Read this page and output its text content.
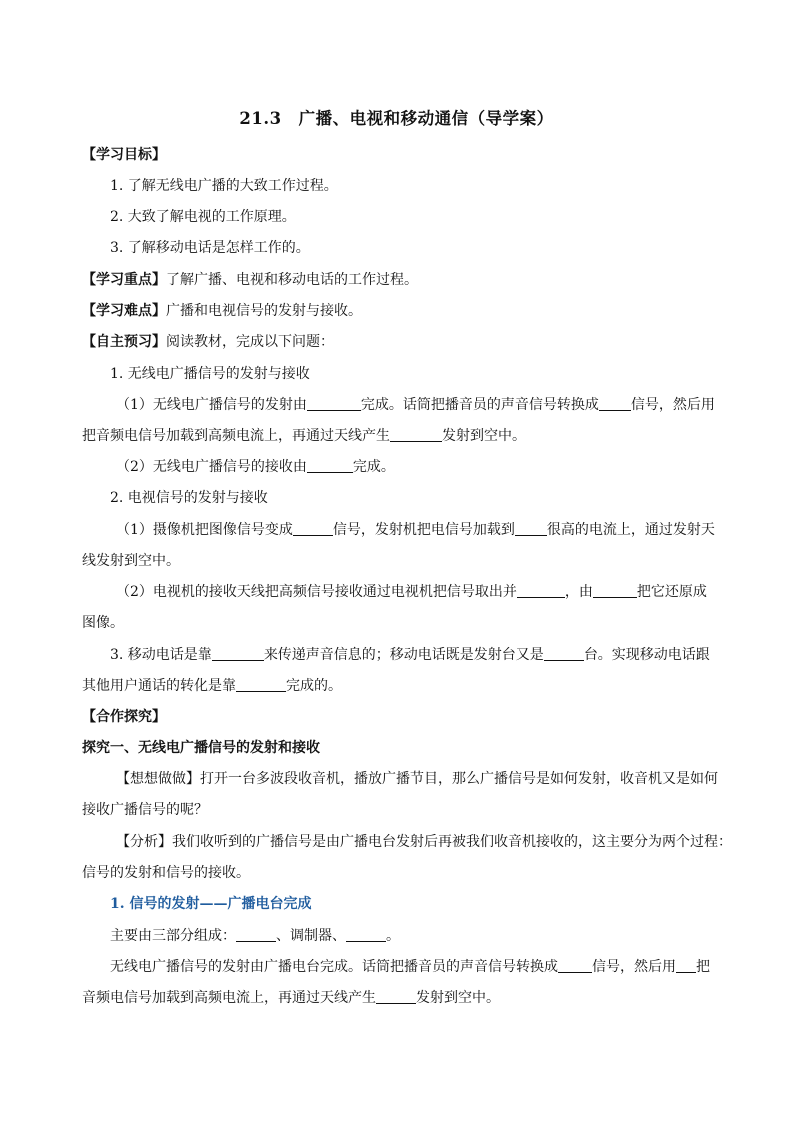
21.3　广播、电视和移动通信（导学案）
【学习目标】
1. 了解无线电广播的大致工作过程。
2. 大致了解电视的工作原理。
3. 了解移动电话是怎样工作的。
【学习重点】了解广播、电视和移动电话的工作过程。
【学习难点】广播和电视信号的发射与接收。
【自主预习】阅读教材，完成以下问题：
1. 无线电广播信号的发射与接收
（1）无线电广播信号的发射由	完成。话筒把播音员的声音信号转换成 信号，然后用
把音频电信号加载到高频电流上，再通过天线产生	发射到空中。
（2）无线电广播信号的接收由	完成。
2. 电视信号的发射与接收
（1）摄像机把图像信号变成	信号，发射机把电信号加载到 很高的电流上，通过发射天
线发射到空中。
（2）电视机的接收天线把高频信号接收通过电视机把信号取出并	，由	把它还原成
图像。
3. 移动电话是靠	来传递声音信息的；移动电话既是发射台又是	台。实现移动电话跟
其他用户通话的转化是靠	完成的。
【合作探究】
探究一、无线电广播信号的发射和接收
【想想做做】打开一台多波段收音机，播放广播节目，那么广播信号是如何发射，收音机又是如何
接收广播信号的呢？
【分析】我们收听到的广播信号是由广播电台发射后再被我们收音机接收的，这主要分为两个过程：
信号的发射和信号的接收。
1. 信号的发射——广播电台完成
主要由三部分组成：	、调制器、	。
无线电广播信号的发射由广播电台完成。话筒把播音员的声音信号转换成 信号，然后用 把
音频电信号加载到高频电流上，再通过天线产生	发射到空中。
